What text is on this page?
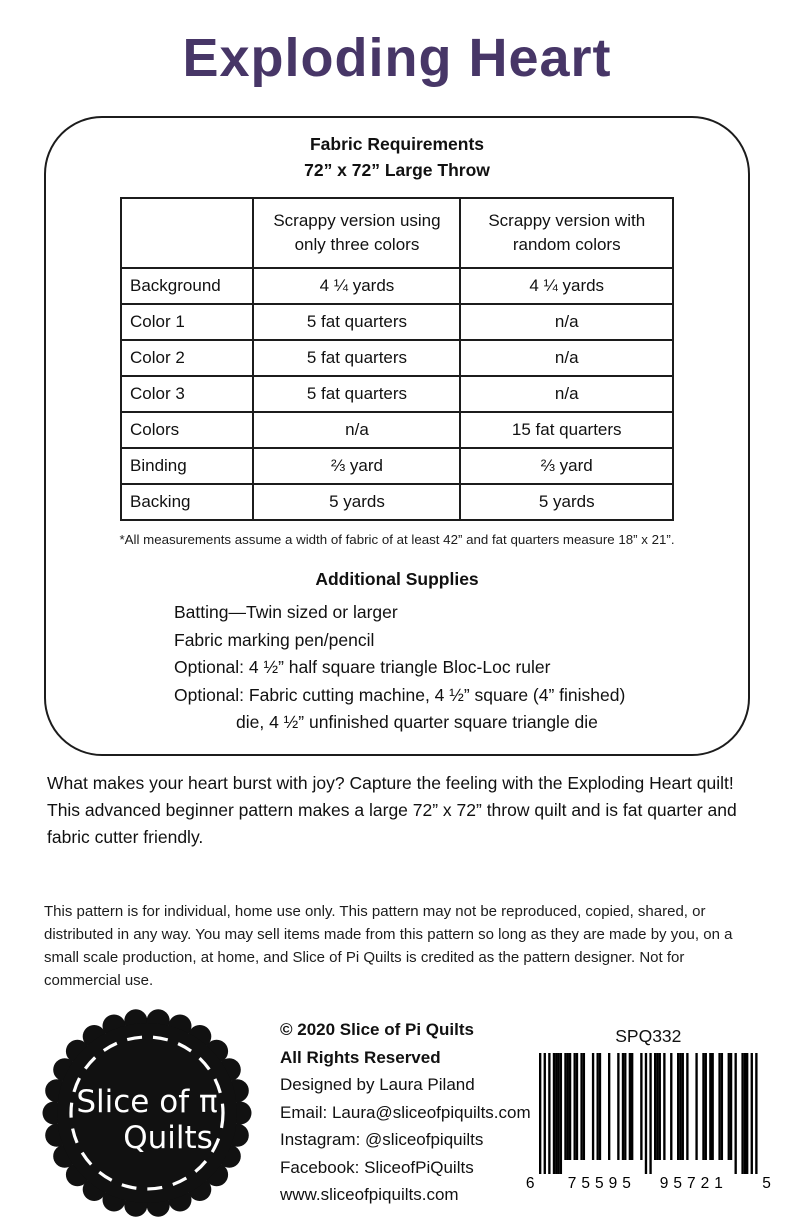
Exploding Heart
Fabric Requirements
72” x 72” Large Throw
	Scrappy version using only three colors	Scrappy version with random colors
Background	4 ¼ yards	4 ¼ yards
Color 1	5 fat quarters	n/a
Color 2	5 fat quarters	n/a
Color 3	5 fat quarters	n/a
Colors	n/a	15 fat quarters
Binding	⅔ yard	⅔ yard
Backing	5 yards	5 yards
*All measurements assume a width of fabric of at least 42” and fat quarters measure 18” x 21”.
Additional Supplies
Batting—Twin sized or larger
Fabric marking pen/pencil
Optional: 4 ½” half square triangle Bloc-Loc ruler
Optional: Fabric cutting machine, 4 ½” square (4” finished)
die, 4 ½” unfinished quarter square triangle die

What makes your heart burst with joy? Capture the feeling with the Exploding Heart quilt! This advanced beginner pattern makes a large 72” x 72” throw quilt and is fat quarter and fabric cutter friendly.

This pattern is for individual, home use only. This pattern may not be reproduced, copied, shared, or distributed in any way. You may sell items made from this pattern so long as they are made by you, on a small scale production, at home, and Slice of Pi Quilts is credited as the pattern designer. Not for commercial use.

Slice of π
Quilts
© 2020 Slice of Pi Quilts
All Rights Reserved
Designed by Laura Piland
Email: Laura@sliceofpiquilts.com
Instagram: @sliceofpiquilts
Facebook: SliceofPiQuilts
www.sliceofpiquilts.com
SPQ332
6	75595	95721	5
